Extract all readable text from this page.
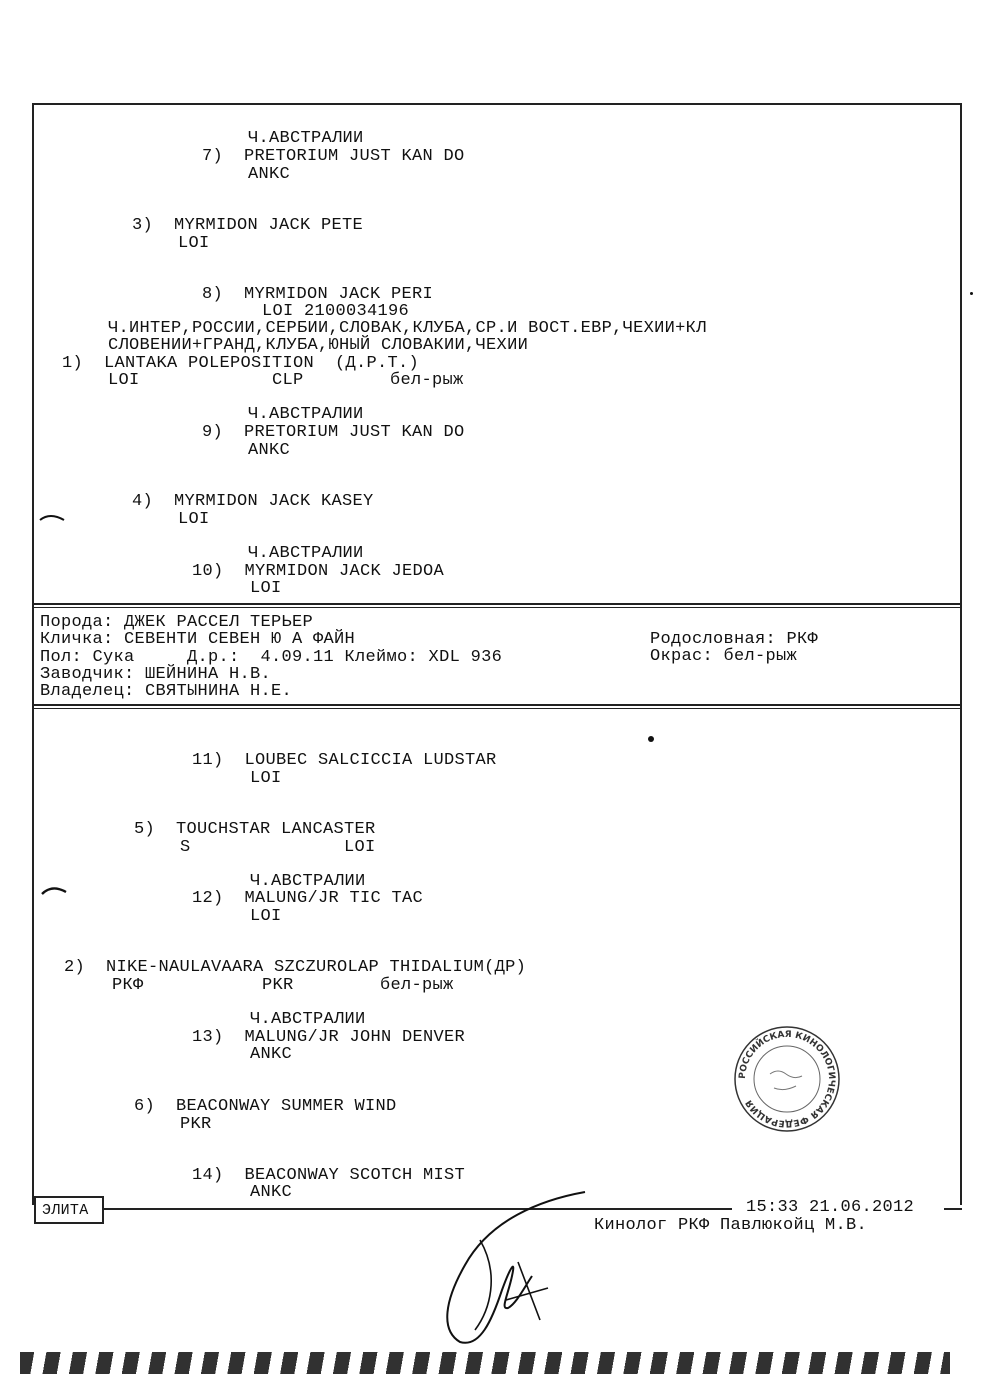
Ч.АВСТРАЛИИ
7)  PRETORIUM JUST KAN DO
ANKC
3)  MYRMIDON JACK PETE
LOI
8)  MYRMIDON JACK PERI
LOI 2100034196
Ч.ИНТЕР,РОССИИ,СЕРБИИ,СЛОВАК,КЛУБА,СР.И ВОСТ.ЕВР,ЧЕХИИ+КЛ
СЛОВЕНИИ+ГРАНД,КЛУБА,ЮНЫЙ СЛОВАКИИ,ЧЕХИИ
1)  LANTAKA POLEPOSITION  (Д.Р.Т.)
LOI	CLP	бел-рыж
Ч.АВСТРАЛИИ
9)  PRETORIUM JUST KAN DO
ANKC
4)  MYRMIDON JACK KASEY
LOI
Ч.АВСТРАЛИИ
10)  MYRMIDON JACK JEDOA
LOI
Порода: ДЖЕК РАССЕЛ ТЕРЬЕР
Кличка: СЕВЕНТИ СЕВЕН Ю А ФАЙН	Родословная: РКФ
Пол: Сука     Д.р.:  4.09.11 Клеймо: XDL 936	Окрас: бел-рыж
Заводчик: ШЕЙНИНА Н.В.
Владелец: СВЯТЫНИНА Н.Е.
11)  LOUBEC SALCICCIA LUDSTAR
LOI
5)  TOUCHSTAR LANCASTER
S	LOI
Ч.АВСТРАЛИИ
12)  MALUNG/JR TIC TAC
LOI
2)  NIKE-NAULAVAARA SZCZUROLAP THIDALIUM(ДР)
РКФ	PKR	бел-рыж
Ч.АВСТРАЛИИ
13)  MALUNG/JR JOHN DENVER
ANKC
6)  BEACONWAY SUMMER WIND
PKR
14)  BEACONWAY SCOTCH MIST
ANKC
ЭЛИТА	15:33 21.06.2012
Кинолог РКФ Павлюкойц М.В.
РОССИЙСКАЯ КИНОЛОГИЧЕСКАЯ ФЕДЕРАЦИЯ
